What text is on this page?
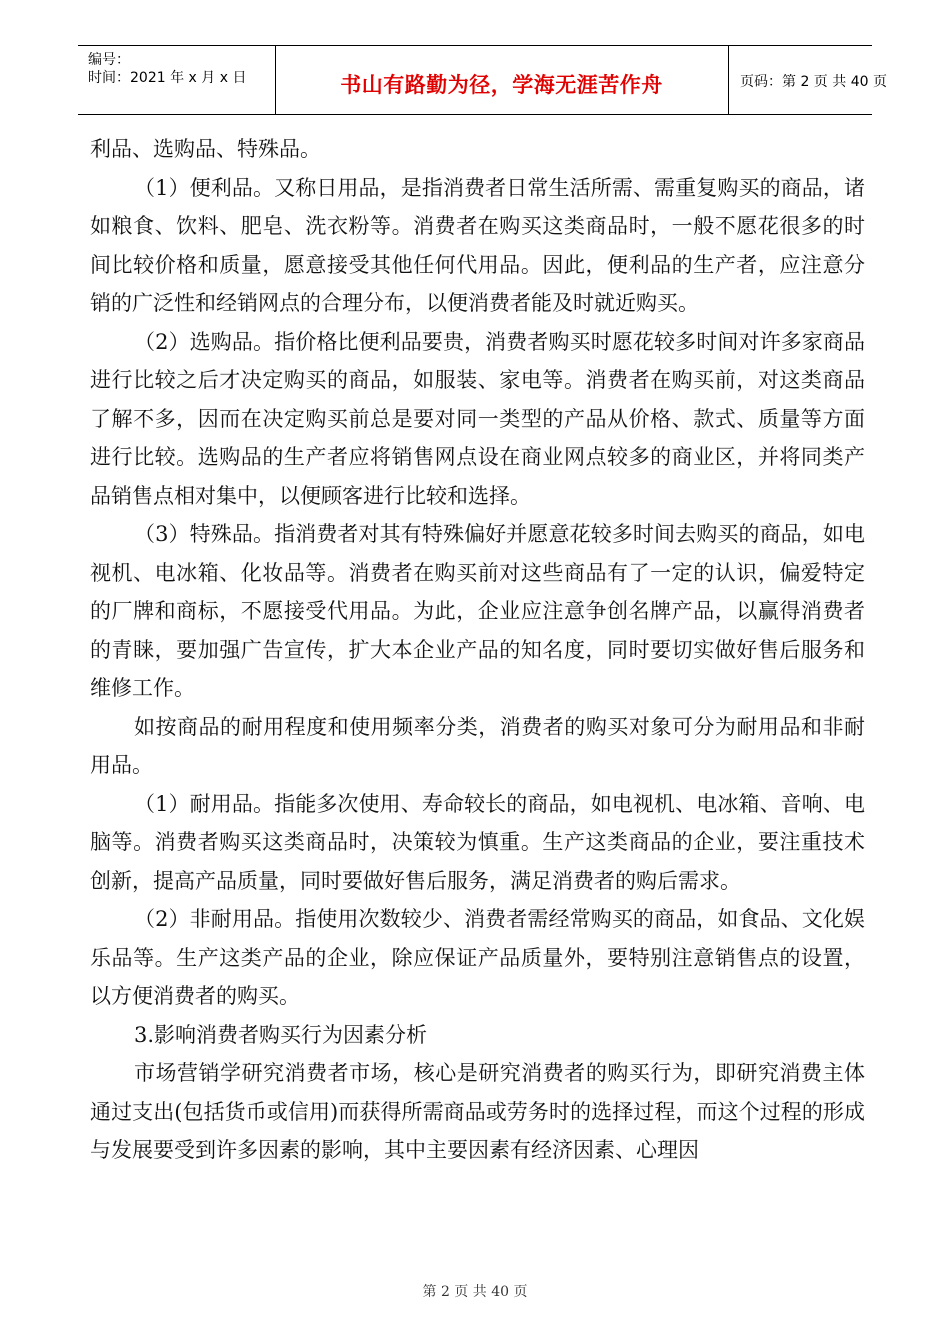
编号：
时间：2021 年 x 月 x 日	书山有路勤为径，学海无涯苦作舟	页码：第 2 页 共 40 页

利品、选购品、特殊品。

（1）便利品。又称日用品，是指消费者日常生活所需、需重复购买的商品，诸如粮食、饮料、肥皂、洗衣粉等。消费者在购买这类商品时，一般不愿花很多的时间比较价格和质量，愿意接受其他任何代用品。因此，便利品的生产者，应注意分销的广泛性和经销网点的合理分布，以便消费者能及时就近购买。

（2）选购品。指价格比便利品要贵，消费者购买时愿花较多时间对许多家商品进行比较之后才决定购买的商品，如服装、家电等。消费者在购买前，对这类商品了解不多，因而在决定购买前总是要对同一类型的产品从价格、款式、质量等方面进行比较。选购品的生产者应将销售网点设在商业网点较多的商业区，并将同类产品销售点相对集中，以便顾客进行比较和选择。

（3）特殊品。指消费者对其有特殊偏好并愿意花较多时间去购买的商品，如电视机、电冰箱、化妆品等。消费者在购买前对这些商品有了一定的认识，偏爱特定的厂牌和商标，不愿接受代用品。为此，企业应注意争创名牌产品，以赢得消费者的青睐，要加强广告宣传，扩大本企业产品的知名度，同时要切实做好售后服务和维修工作。

如按商品的耐用程度和使用频率分类，消费者的购买对象可分为耐用品和非耐用品。

（1）耐用品。指能多次使用、寿命较长的商品，如电视机、电冰箱、音响、电脑等。消费者购买这类商品时，决策较为慎重。生产这类商品的企业，要注重技术创新，提高产品质量，同时要做好售后服务，满足消费者的购后需求。

（2）非耐用品。指使用次数较少、消费者需经常购买的商品，如食品、文化娱乐品等。生产这类产品的企业，除应保证产品质量外，要特别注意销售点的设置，以方便消费者的购买。

3.影响消费者购买行为因素分析

市场营销学研究消费者市场，核心是研究消费者的购买行为，即研究消费主体通过支出(包括货币或信用)而获得所需商品或劳务时的选择过程，而这个过程的形成与发展要受到许多因素的影响，其中主要因素有经济因素、心理因

第 2 页 共 40 页
